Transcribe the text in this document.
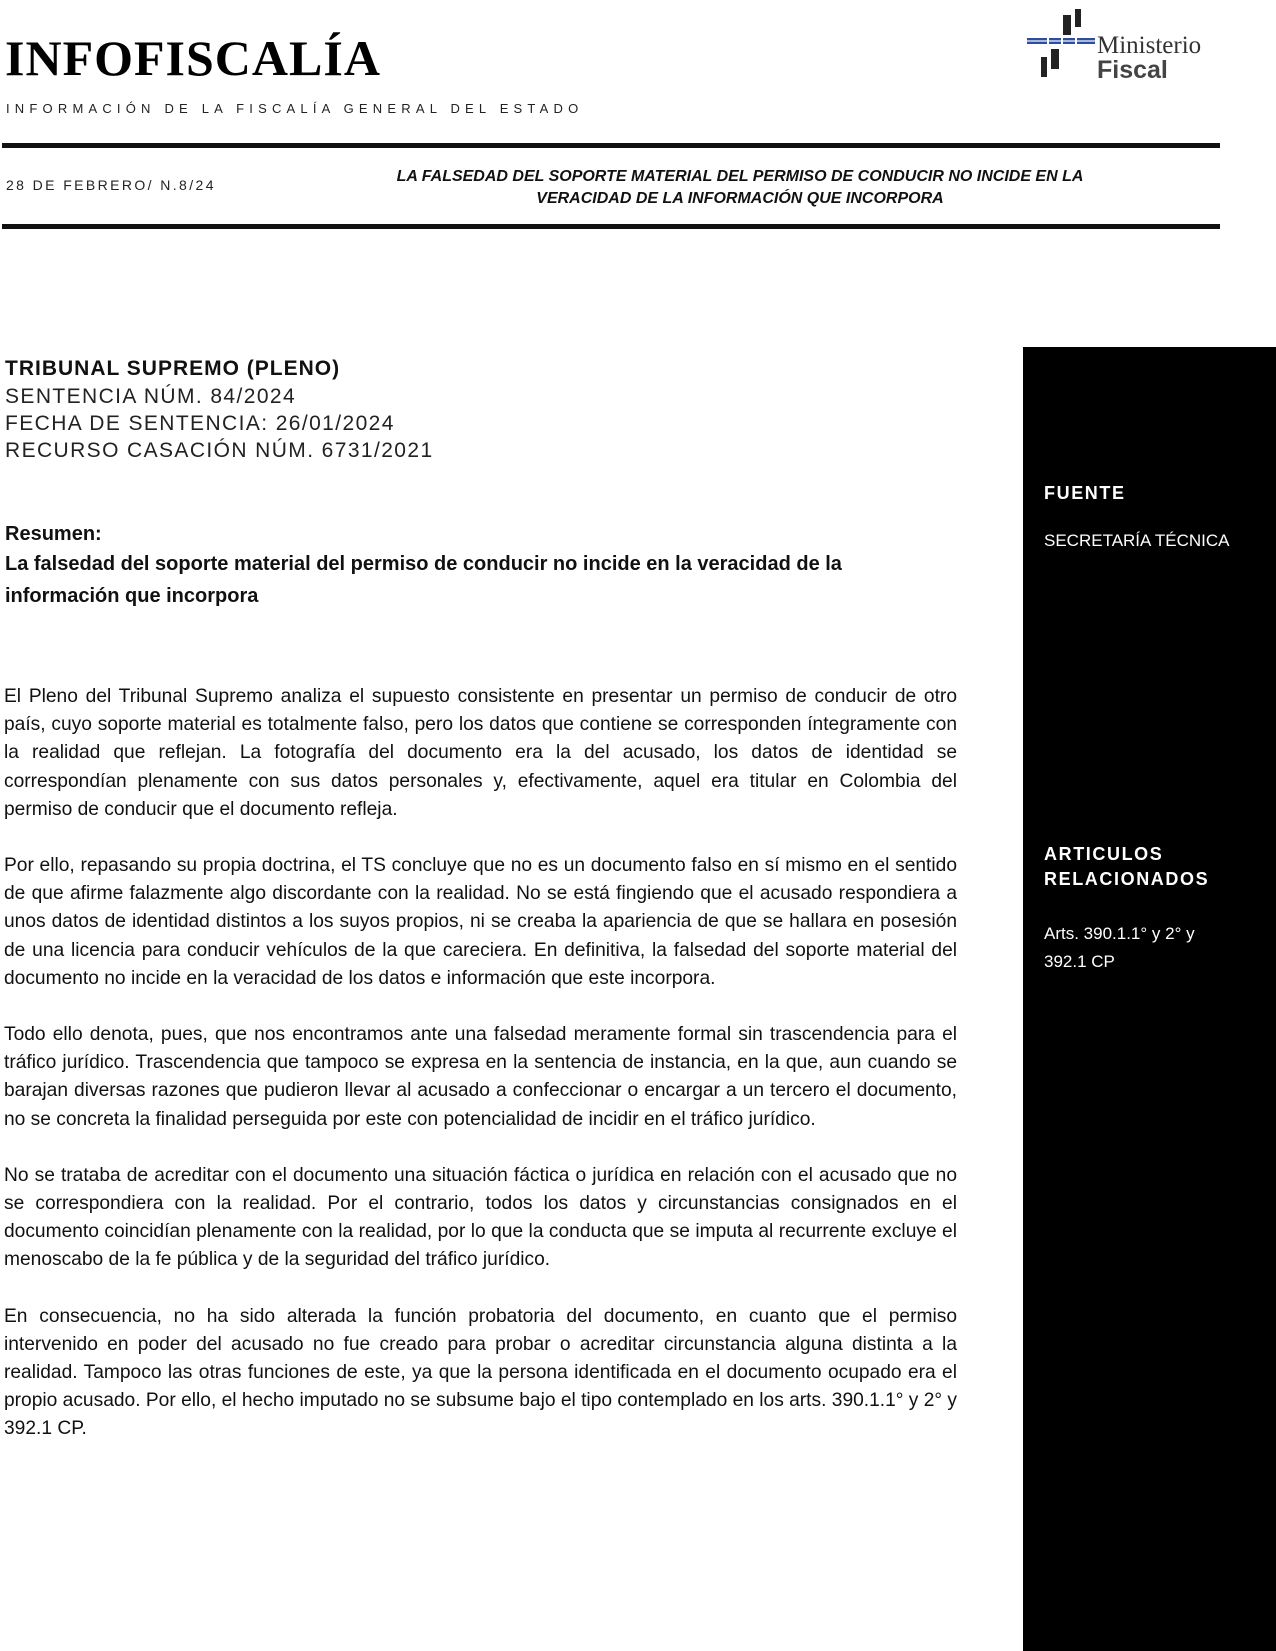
INFOFISCALÍA
INFORMACIÓN DE LA FISCALÍA GENERAL DEL ESTADO
Ministerio
Fiscal
28 DE FEBRERO/ N.8/24	LA FALSEDAD DEL SOPORTE MATERIAL DEL PERMISO DE CONDUCIR NO INCIDE EN LA
VERACIDAD DE LA INFORMACIÓN QUE INCORPORA
TRIBUNAL SUPREMO (PLENO)
SENTENCIA NÚM. 84/2024
FECHA DE SENTENCIA: 26/01/2024
RECURSO CASACIÓN NÚM. 6731/2021
Resumen:
La falsedad del soporte material del permiso de conducir no incide en la veracidad de la información que incorpora

El Pleno del Tribunal Supremo analiza el supuesto consistente en presentar un permiso de conducir de otro país, cuyo soporte material es totalmente falso, pero los datos que contiene se corresponden íntegramente con la realidad que reflejan. La fotografía del documento era la del acusado, los datos de identidad se correspondían plenamente con sus datos personales y, efectivamente, aquel era titular en Colombia del permiso de conducir que el documento refleja.

Por ello, repasando su propia doctrina, el TS concluye que no es un documento falso en sí mismo en el sentido de que afirme falazmente algo discordante con la realidad. No se está fingiendo que el acusado respondiera a unos datos de identidad distintos a los suyos propios, ni se creaba la apariencia de que se hallara en posesión de una licencia para conducir vehículos de la que careciera. En definitiva, la falsedad del soporte material del documento no incide en la veracidad de los datos e información que este incorpora.

Todo ello denota, pues, que nos encontramos ante una falsedad meramente formal sin trascendencia para el tráfico jurídico. Trascendencia que tampoco se expresa en la sentencia de instancia, en la que, aun cuando se barajan diversas razones que pudieron llevar al acusado a confeccionar o encargar a un tercero el documento, no se concreta la finalidad perseguida por este con potencialidad de incidir en el tráfico jurídico.

No se trataba de acreditar con el documento una situación fáctica o jurídica en relación con el acusado que no se correspondiera con la realidad. Por el contrario, todos los datos y circunstancias consignados en el documento coincidían plenamente con la realidad, por lo que la conducta que se imputa al recurrente excluye el menoscabo de la fe pública y de la seguridad del tráfico jurídico.

En consecuencia, no ha sido alterada la función probatoria del documento, en cuanto que el permiso intervenido en poder del acusado no fue creado para probar o acreditar circunstancia alguna distinta a la realidad. Tampoco las otras funciones de este, ya que la persona identificada en el documento ocupado era el propio acusado. Por ello, el hecho imputado no se subsume bajo el tipo contemplado en los arts. 390.1.1° y 2° y 392.1 CP.

FUENTE
SECRETARÍA TÉCNICA
ARTICULOS
RELACIONADOS
Arts. 390.1.1° y 2° y
392.1 CP
